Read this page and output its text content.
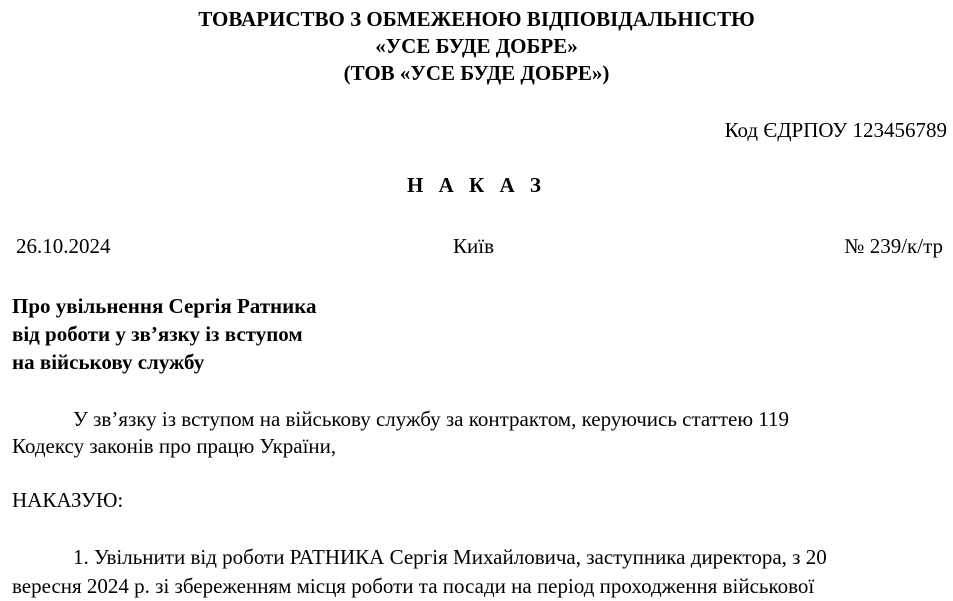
ТОВАРИСТВО З ОБМЕЖЕНОЮ ВІДПОВІДАЛЬНІСТЮ
«УСЕ БУДЕ ДОБРЕ»
(ТОВ «УСЕ БУДЕ ДОБРЕ»)
Код ЄДРПОУ 123456789
Н А К А З
26.10.2024	Київ	№ 239/к/тр
Про увільнення Сергія Ратника
від роботи у зв’язку із вступом
на військову службу
У зв’язку із вступом на військову службу за контрактом, керуючись статтею 119
Кодексу законів про працю України,
НАКАЗУЮ:
1. Увільнити від роботи РАТНИКА Сергія Михайловича, заступника директора, з 20
вересня 2024 р. зі збереженням місця роботи та посади на період проходження військової
